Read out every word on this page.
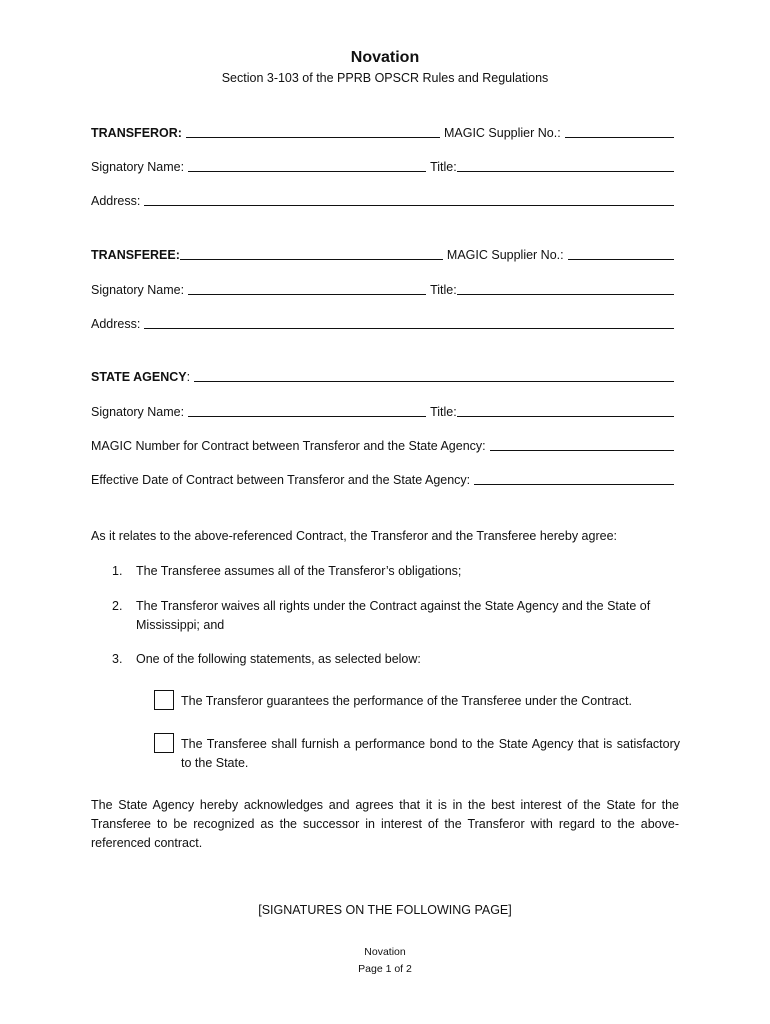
Novation
Section 3-103 of the PPRB OPSCR Rules and Regulations
TRANSFEROR:	MAGIC Supplier No.:
Signatory Name:	Title:
Address:
TRANSFEREE:	MAGIC Supplier No.:
Signatory Name:	Title:
Address:
STATE AGENCY :
Signatory Name:	Title:
MAGIC Number for Contract between Transferor and the State Agency:
Effective Date of Contract between Transferor and the State Agency:
As it relates to the above-referenced Contract, the Transferor and the Transferee hereby agree:
1.	The Transferee assumes all of the Transferor’s obligations;
2.	The Transferor waives all rights under the Contract against the State Agency and the State of Mississippi; and
3.	One of the following statements, as selected below:
The Transferor guarantees the performance of the Transferee under the Contract.
The Transferee shall furnish a performance bond to the State Agency that is satisfactory to the State.
The State Agency hereby acknowledges and agrees that it is in the best interest of the State for the Transferee to be recognized as the successor in interest of the Transferor with regard to the above-referenced contract.
[SIGNATURES ON THE FOLLOWING PAGE]
Novation
Page 1 of 2
